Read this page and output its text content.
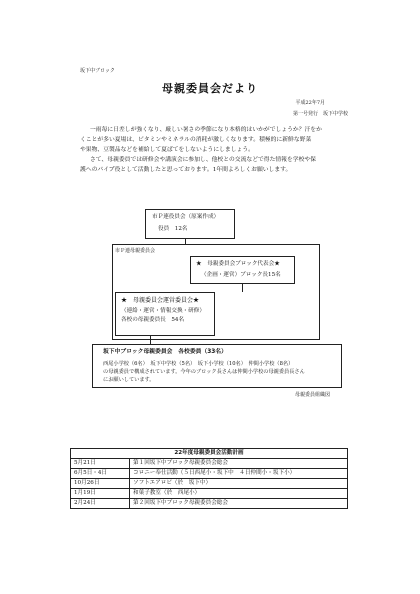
坂下中ブロック
母親委員会だより
平成22年7月
第一号発行　坂下中学校
一雨毎に日差しが強くなり、厳しい暑さの季節になり本格的はいかがでしょうか？汗をか
くことが多い夏場は、ビタミンやミネラルの消耗が激しくなります。積極的に新鮮な野菜
や果物、豆製品などを補給して夏ばてをしないようにしましょう。
さて、母親委員では研修会や講演会に参加し、他校との交流などで得た情報を学校や保
護へのパイプ役として活動したと思っております。1年間よろしくお願いします。
市Ｐ連役員会（原案作成）
役員　12名
市Ｐ連母親委員会
★　母親委員会ブロック代表会★
（企画・運営）ブロック長15名
★　母親委員会運営委員会★
（連絡・運営・情報交換・研修）
各校の母親委員長　54名
坂下中ブロック母親委員会　各校委員（33名）
西尾小学校（6名）　坂下中学校（5名）　坂下小学校（10名）　仲間小学校（8名）
の母親委員で構成されています。今年のブロック長さんは仲間小学校の母親委員長さん
にお願いしています。
母親委員組織図
22年度母親委員会活動計画	
5月21日	第１回坂下中ブロック母親委員会総会
6月5日・4日	コロニー奉仕活動（５日西尾小・坂下中　４日仲間小・坂下小）
10月26日	ソフトエアロビ（於　坂下中）
1月19日	和菓子教室（於　西尾小）
2月24日	第２回坂下中ブロック母親委員会総会
